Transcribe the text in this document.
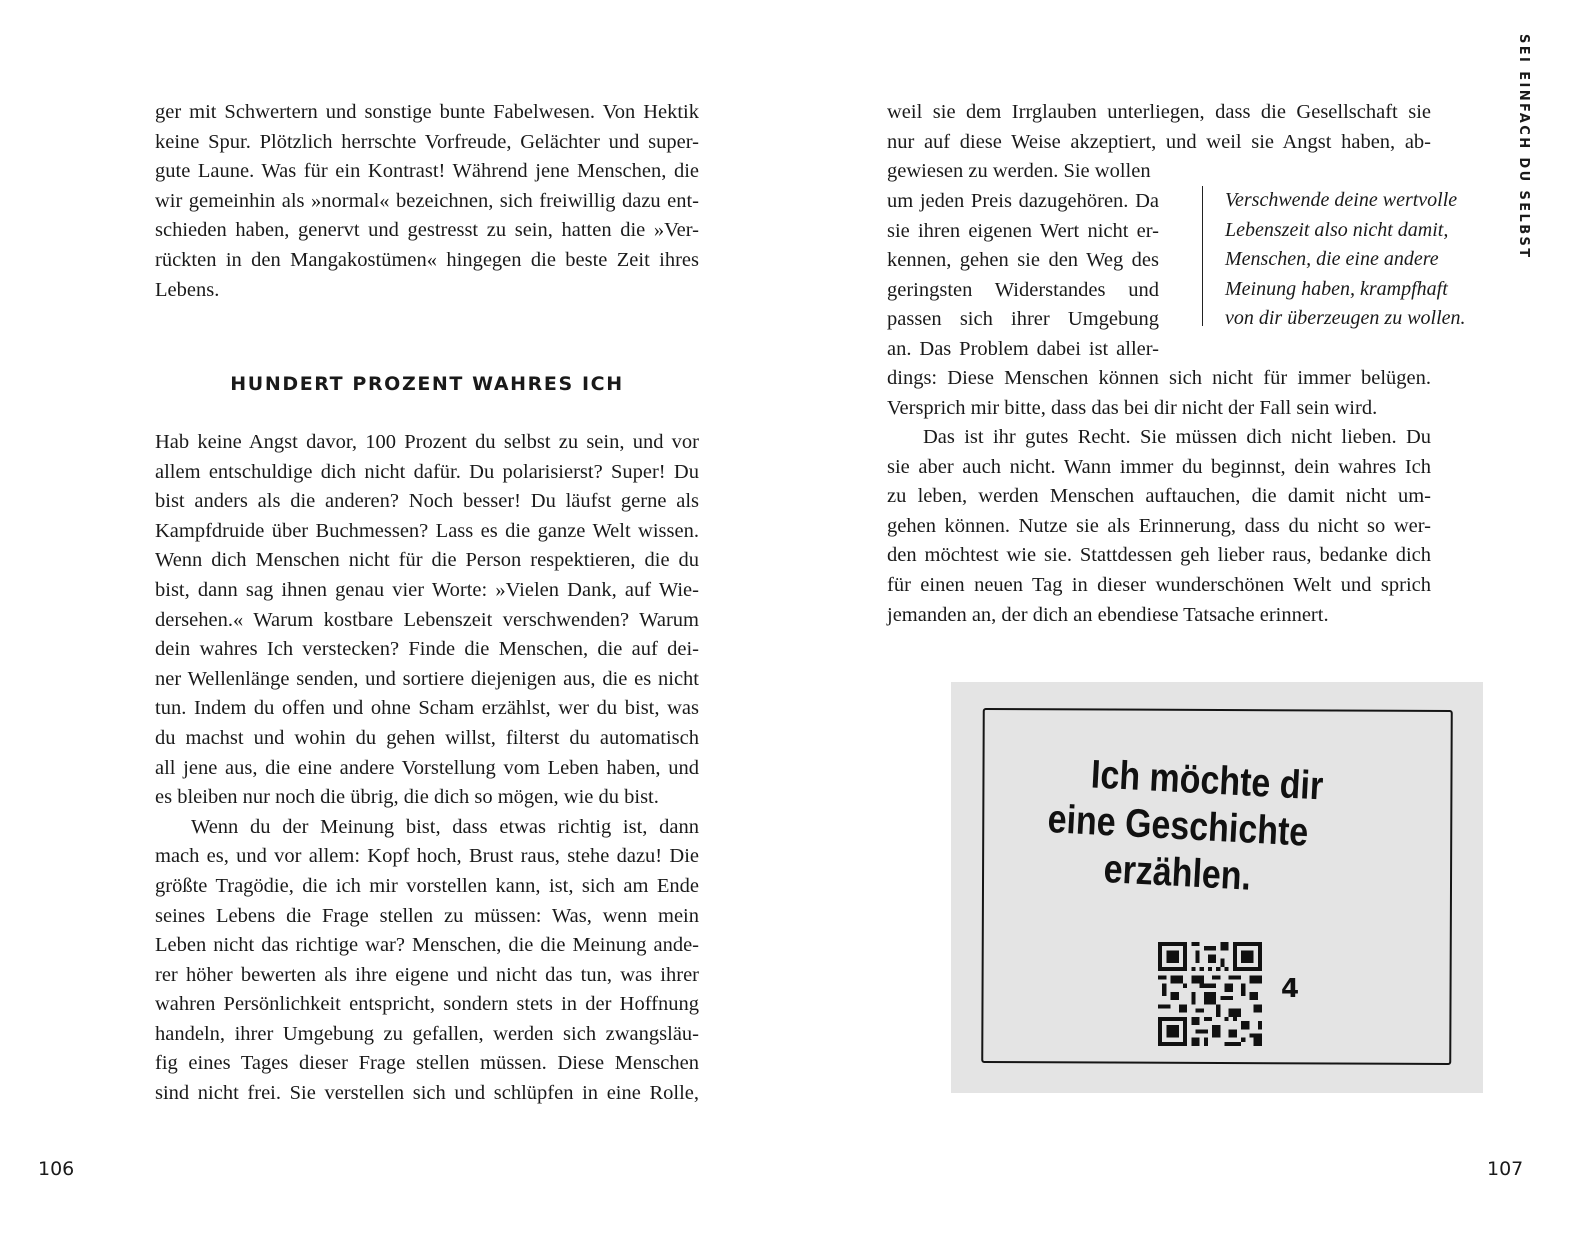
ger mit Schwertern und sonstige bunte Fabelwesen. Von Hektik
keine Spur. Plötzlich herrschte Vorfreude, Gelächter und super-
gute Laune. Was für ein Kontrast! Während jene Menschen, die
wir gemeinhin als »normal« bezeichnen, sich freiwillig dazu ent-
schieden haben, genervt und gestresst zu sein, hatten die »Ver-
rückten in den Mangakostümen« hingegen die beste Zeit ihres
Lebens.
HUNDERT PROZENT WAHRES ICH
Hab keine Angst davor, 100 Prozent du selbst zu sein, und vor
allem entschuldige dich nicht dafür. Du polarisierst? Super! Du
bist anders als die anderen? Noch besser! Du läufst gerne als
Kampfdruide über Buchmessen? Lass es die ganze Welt wissen.
Wenn dich Menschen nicht für die Person respektieren, die du
bist, dann sag ihnen genau vier Worte: »Vielen Dank, auf Wie-
dersehen.« Warum kostbare Lebenszeit verschwenden? Warum
dein wahres Ich verstecken? Finde die Menschen, die auf dei-
ner Wellenlänge senden, und sortiere diejenigen aus, die es nicht
tun. Indem du offen und ohne Scham erzählst, wer du bist, was
du machst und wohin du gehen willst, filterst du automatisch
all jene aus, die eine andere Vorstellung vom Leben haben, und
es bleiben nur noch die übrig, die dich so mögen, wie du bist.
Wenn du der Meinung bist, dass etwas richtig ist, dann
mach es, und vor allem: Kopf hoch, Brust raus, stehe dazu! Die
größte Tragödie, die ich mir vorstellen kann, ist, sich am Ende
seines Lebens die Frage stellen zu müssen: Was, wenn mein
Leben nicht das richtige war? Menschen, die die Meinung ande-
rer höher bewerten als ihre eigene und nicht das tun, was ihrer
wahren Persönlichkeit entspricht, sondern stets in der Hoffnung
handeln, ihrer Umgebung zu gefallen, werden sich zwangsläu-
fig eines Tages dieser Frage stellen müssen. Diese Menschen
sind nicht frei. Sie verstellen sich und schlüpfen in eine Rolle,
106
weil sie dem Irrglauben unterliegen, dass die Gesellschaft sie
nur auf diese Weise akzeptiert, und weil sie Angst haben, ab-
gewiesen zu werden. Sie wollen
um jeden Preis dazugehören. Da
sie ihren eigenen Wert nicht er-
kennen, gehen sie den Weg des
geringsten Widerstandes und
passen sich ihrer Umgebung
an. Das Problem dabei ist aller-
Verschwende deine wertvolle
Lebenszeit also nicht damit,
Menschen, die eine andere
Meinung haben, krampfhaft
von dir überzeugen zu wollen.
dings: Diese Menschen können sich nicht für immer belügen.
Versprich mir bitte, dass das bei dir nicht der Fall sein wird.
Das ist ihr gutes Recht. Sie müssen dich nicht lieben. Du
sie aber auch nicht. Wann immer du beginnst, dein wahres Ich
zu leben, werden Menschen auftauchen, die damit nicht um-
gehen können. Nutze sie als Erinnerung, dass du nicht so wer-
den möchtest wie sie. Stattdessen geh lieber raus, bedanke dich
für einen neuen Tag in dieser wunderschönen Welt und sprich
jemanden an, der dich an ebendiese Tatsache erinnert.
SEI EINFACH DU SELBST

Ich möchte dir
eine Geschichte
erzählen.

4
107
